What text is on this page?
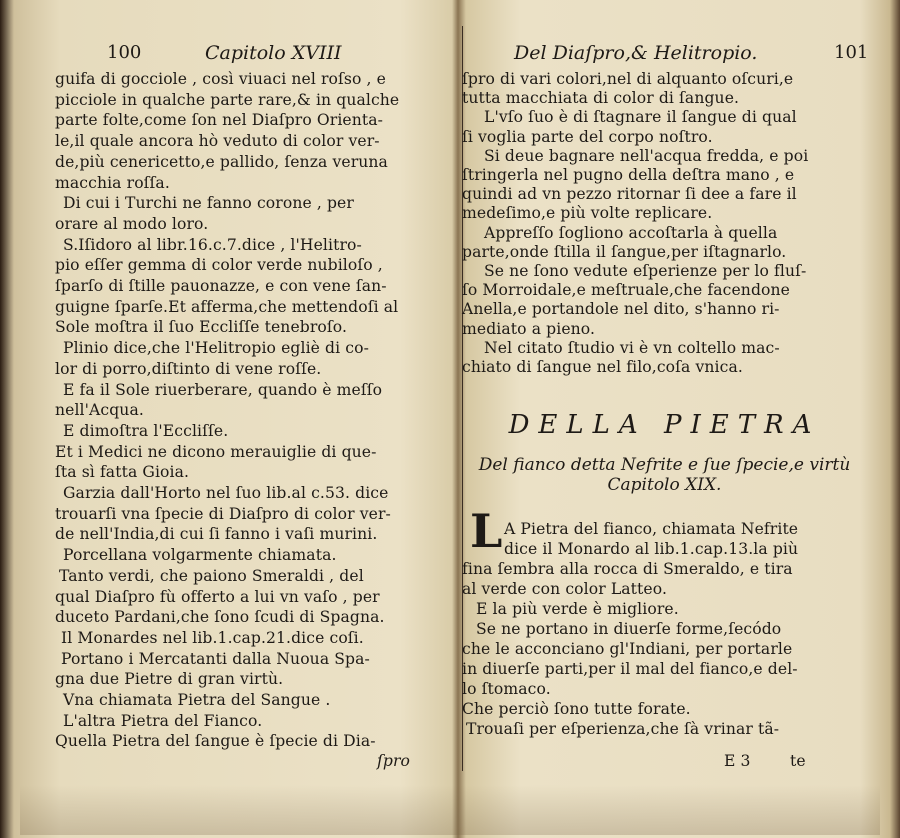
100	Capitolo XVIII
guifa di gocciole , così viuaci nel roſso , e
picciole in qualche parte rare,& in qualche
parte folte,come ſon nel Diaſpro Orienta-
le,il quale ancora hò veduto di color ver-
de,più cenericetto,e pallido, ſenza veruna
macchia roſſa.
Di cui i Turchi ne fanno corone , per
orare al modo loro.
S.Iſidoro al libr.16.c.7.dice , l'Helitro-
pio eſſer gemma di color verde nubiloſo ,
ſparſo di ſtille pauonazze, e con vene ſan-
guigne ſparſe.Et afferma,che mettendoſi al
Sole moſtra il ſuo Eccliſſe tenebroſo.
Plinio dice,che l'Helitropio egliè di co-
lor di porro,diſtinto di vene roſſe.
E fa il Sole riuerberare, quando è meſſo
nell'Acqua.
E dimoſtra l'Eccliſſe.
Et i Medici ne dicono merauiglie di que-
ſta sì fatta Gioia.
Garzia dall'Horto nel ſuo lib.al c.53. dice
trouarſi vna ſpecie di Diaſpro di color ver-
de nell'India,di cui ſi fanno i vaſi murini.
Porcellana volgarmente chiamata.
Tanto verdi, che paiono Smeraldi , del
qual Diaſpro fù offerto a lui vn vaſo , per
duceto Pardani,che ſono ſcudi di Spagna.
Il Monardes nel lib.1.cap.21.dice coſi.
Portano i Mercatanti dalla Nuoua Spa-
gna due Pietre di gran virtù.
Vna chiamata Pietra del Sangue .
L'altra Pietra del Fianco.
Quella Pietra del ſangue è ſpecie di Dia-
ſpro
Del Diaſpro,& Helitropio.	101
ſpro di vari colori,nel di alquanto oſcuri,e
tutta macchiata di color di ſangue.
L'vſo ſuo è di ſtagnare il ſangue di qual
ſi voglia parte del corpo noſtro.
Si deue bagnare nell'acqua fredda, e poi
ſtringerla nel pugno della deſtra mano , e
quindi ad vn pezzo ritornar ſi dee a fare il
medeſimo,e più volte replicare.
Appreſſo ſogliono accoſtarla à quella
parte,onde ſtilla il ſangue,per iſtagnarlo.
Se ne ſono vedute eſperienze per lo fluſ-
ſo Morroidale,e meſtruale,che facendone
Anella,e portandole nel dito, s'hanno ri-
mediato a pieno.
Nel citato ſtudio vi è vn coltello mac-
chiato di ſangue nel filo,coſa vnica.
DELLA PIETRA
Del fianco detta Nefrite e ſue ſpecie,e virtù
Capitolo XIX.
L A Pietra del fianco, chiamata Nefrite
dice il Monardo al lib.1.cap.13.la più
fina ſembra alla rocca di Smeraldo, e tira
al verde con color Latteo.
E la più verde è migliore.
Se ne portano in diuerſe forme,ſecódo
che le acconciano gl'Indiani, per portarle
in diuerſe parti,per il mal del fianco,e del-
lo ſtomaco.
Che perciò ſono tutte forate.
Trouaſi per eſperienza,che ſà vrinar tã-
E 3	te
